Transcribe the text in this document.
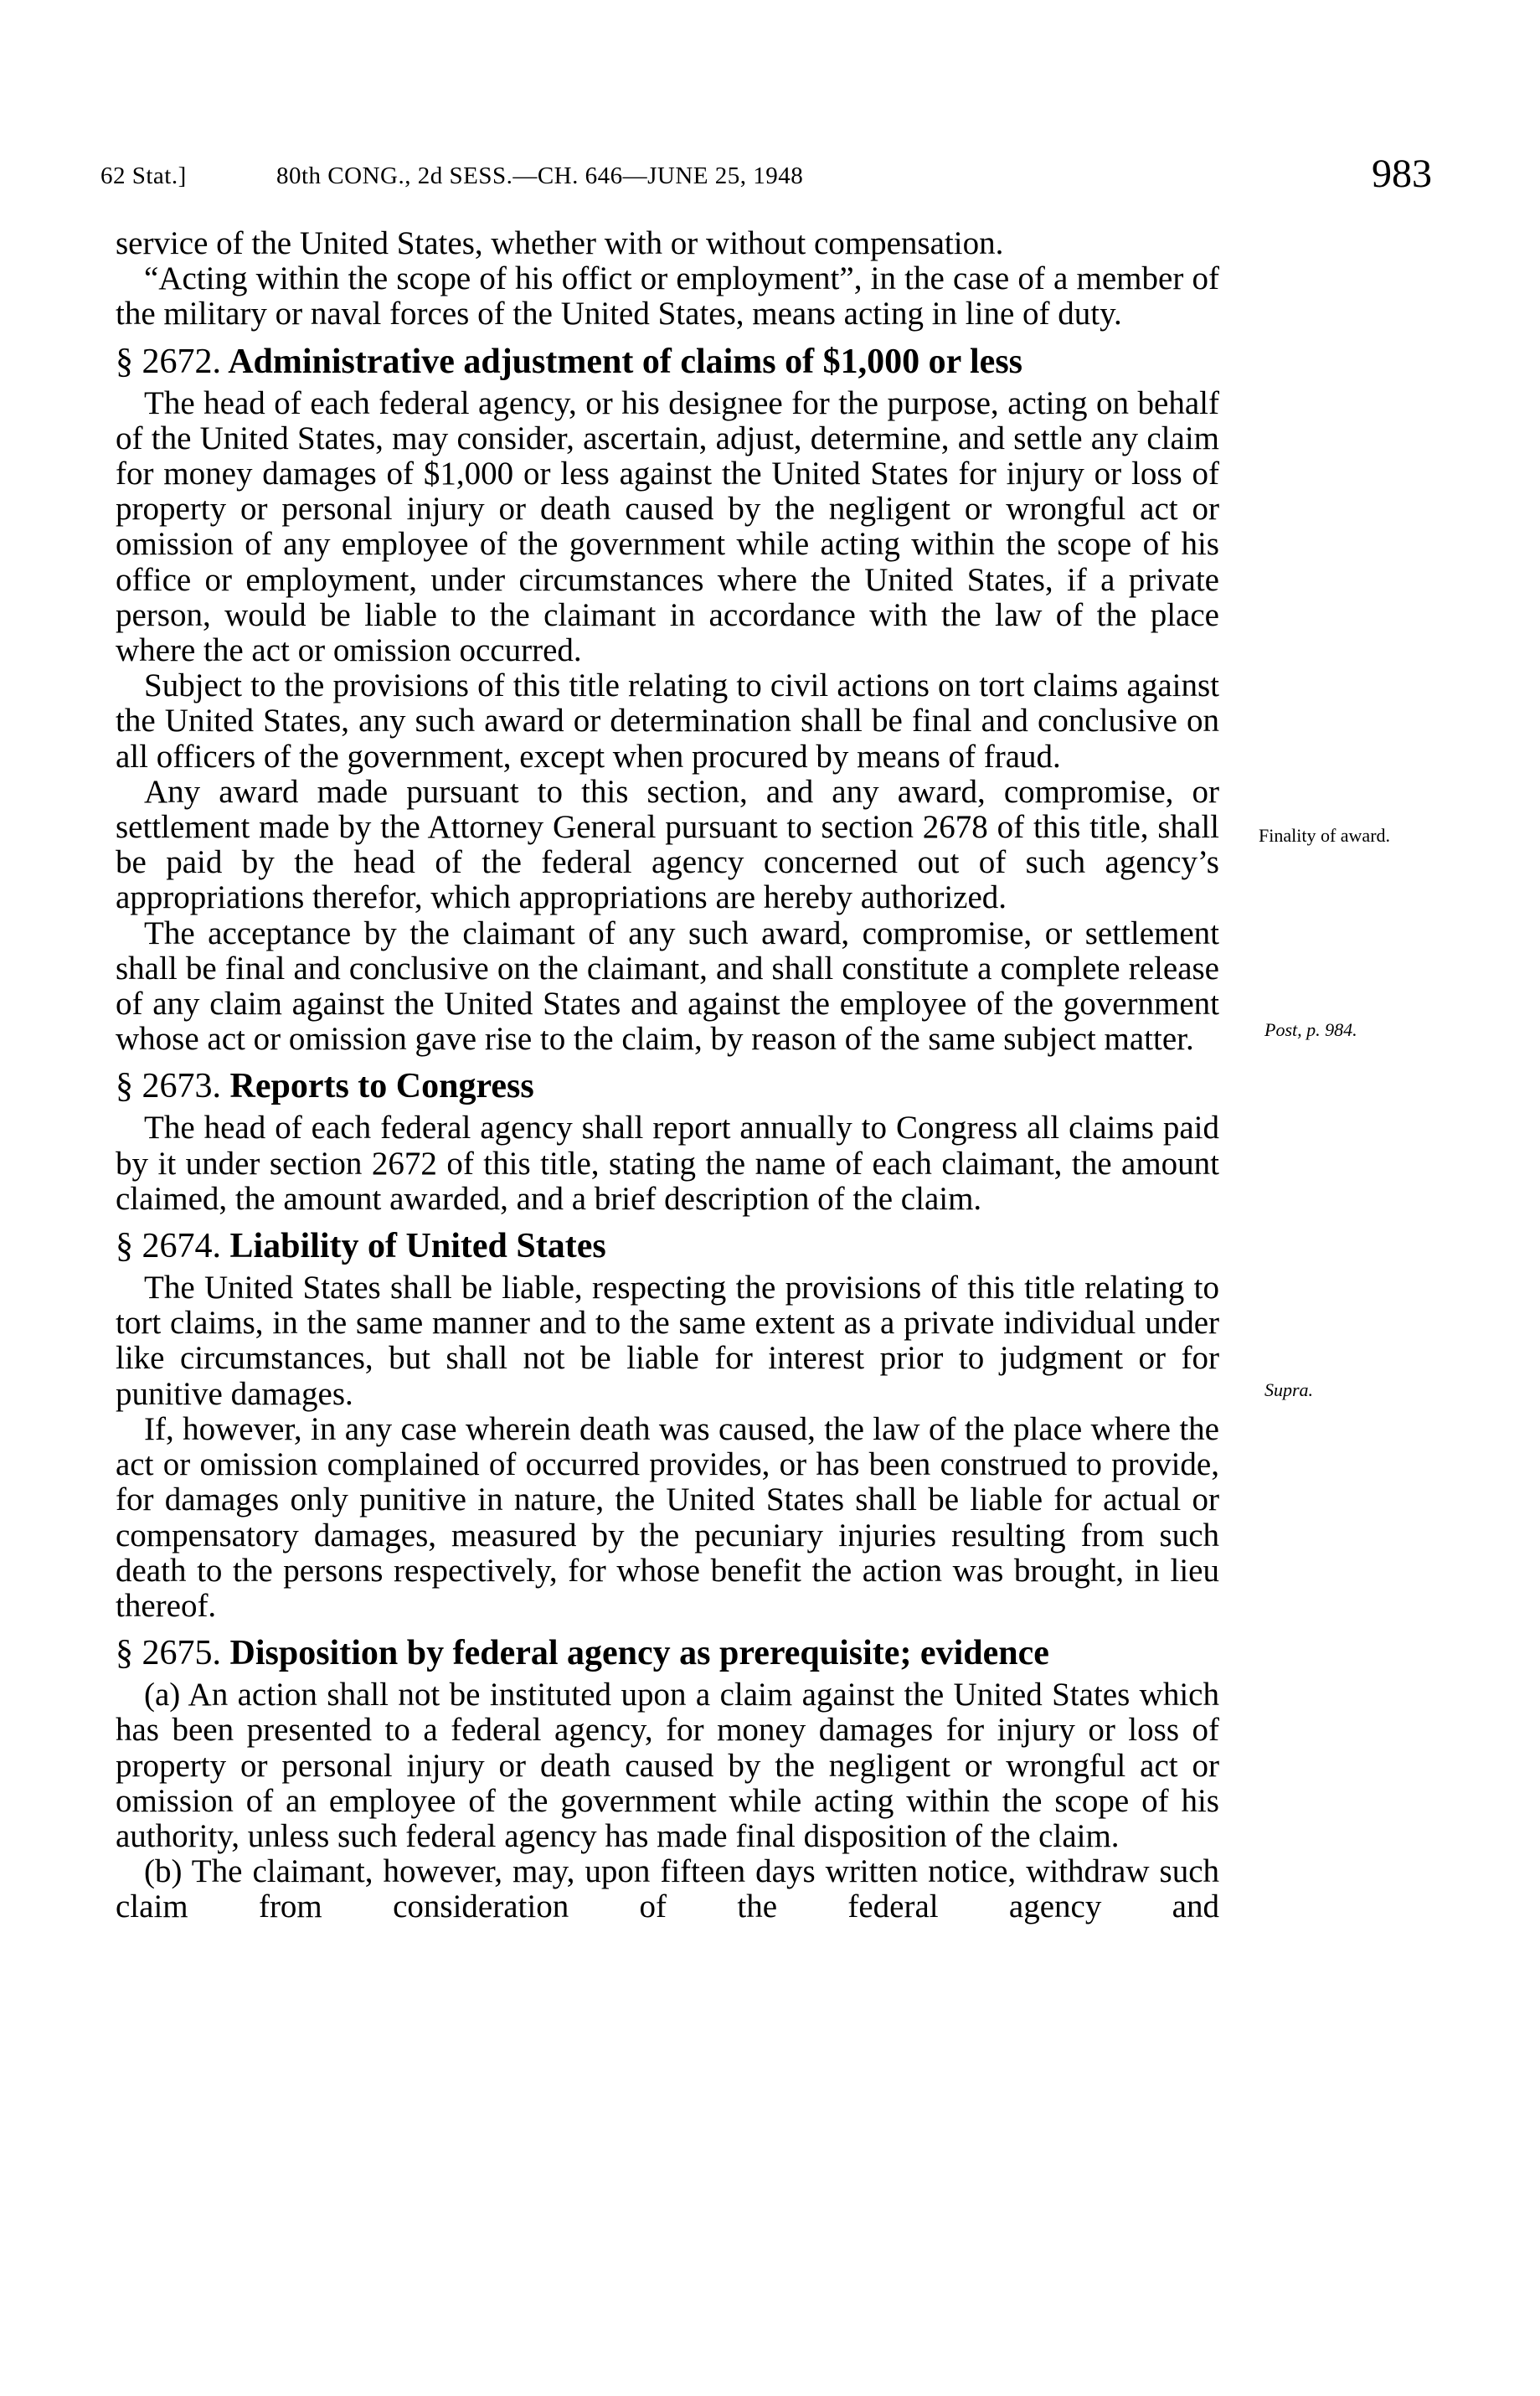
62 Stat.]	80th CONG., 2d SESS.—CH. 646—JUNE 25, 1948	983

service of the United States, whether with or without compensation.

“Acting within the scope of his offict or employment”, in the case of a member of the military or naval forces of the United States, means acting in line of duty.

§ 2672. Administrative adjustment of claims of $1,000 or less

The head of each federal agency, or his designee for the purpose, acting on behalf of the United States, may consider, ascertain, adjust, determine, and settle any claim for money damages of $1,000 or less against the United States for injury or loss of property or personal injury or death caused by the negligent or wrongful act or omission of any employee of the government while acting within the scope of his office or employment, under circumstances where the United States, if a private person, would be liable to the claimant in accordance with the law of the place where the act or omission occurred.

Subject to the provisions of this title relating to civil actions on tort claims against the United States, any such award or determination shall be final and conclusive on all officers of the government, except when procured by means of fraud.

Any award made pursuant to this section, and any award, compromise, or settlement made by the Attorney General pursuant to section 2678 of this title, shall be paid by the head of the federal agency concerned out of such agency’s appropriations therefor, which appropriations are hereby authorized.

The acceptance by the claimant of any such award, compromise, or settlement shall be final and conclusive on the claimant, and shall constitute a complete release of any claim against the United States and against the employee of the government whose act or omission gave rise to the claim, by reason of the same subject matter.

§ 2673. Reports to Congress

The head of each federal agency shall report annually to Congress all claims paid by it under section 2672 of this title, stating the name of each claimant, the amount claimed, the amount awarded, and a brief description of the claim.

§ 2674. Liability of United States

The United States shall be liable, respecting the provisions of this title relating to tort claims, in the same manner and to the same extent as a private individual under like circumstances, but shall not be liable for interest prior to judgment or for punitive damages.

If, however, in any case wherein death was caused, the law of the place where the act or omission complained of occurred provides, or has been construed to provide, for damages only punitive in nature, the United States shall be liable for actual or compensatory damages, measured by the pecuniary injuries resulting from such death to the persons respectively, for whose benefit the action was brought, in lieu thereof.

§ 2675. Disposition by federal agency as prerequisite; evidence

(a) An action shall not be instituted upon a claim against the United States which has been presented to a federal agency, for money damages for injury or loss of property or personal injury or death caused by the negligent or wrongful act or omission of an employee of the government while acting within the scope of his authority, unless such federal agency has made final disposition of the claim.

(b) The claimant, however, may, upon fifteen days written notice, withdraw such claim from consideration of the federal agency and

Finality of award.
Post, p. 984.
Supra.
